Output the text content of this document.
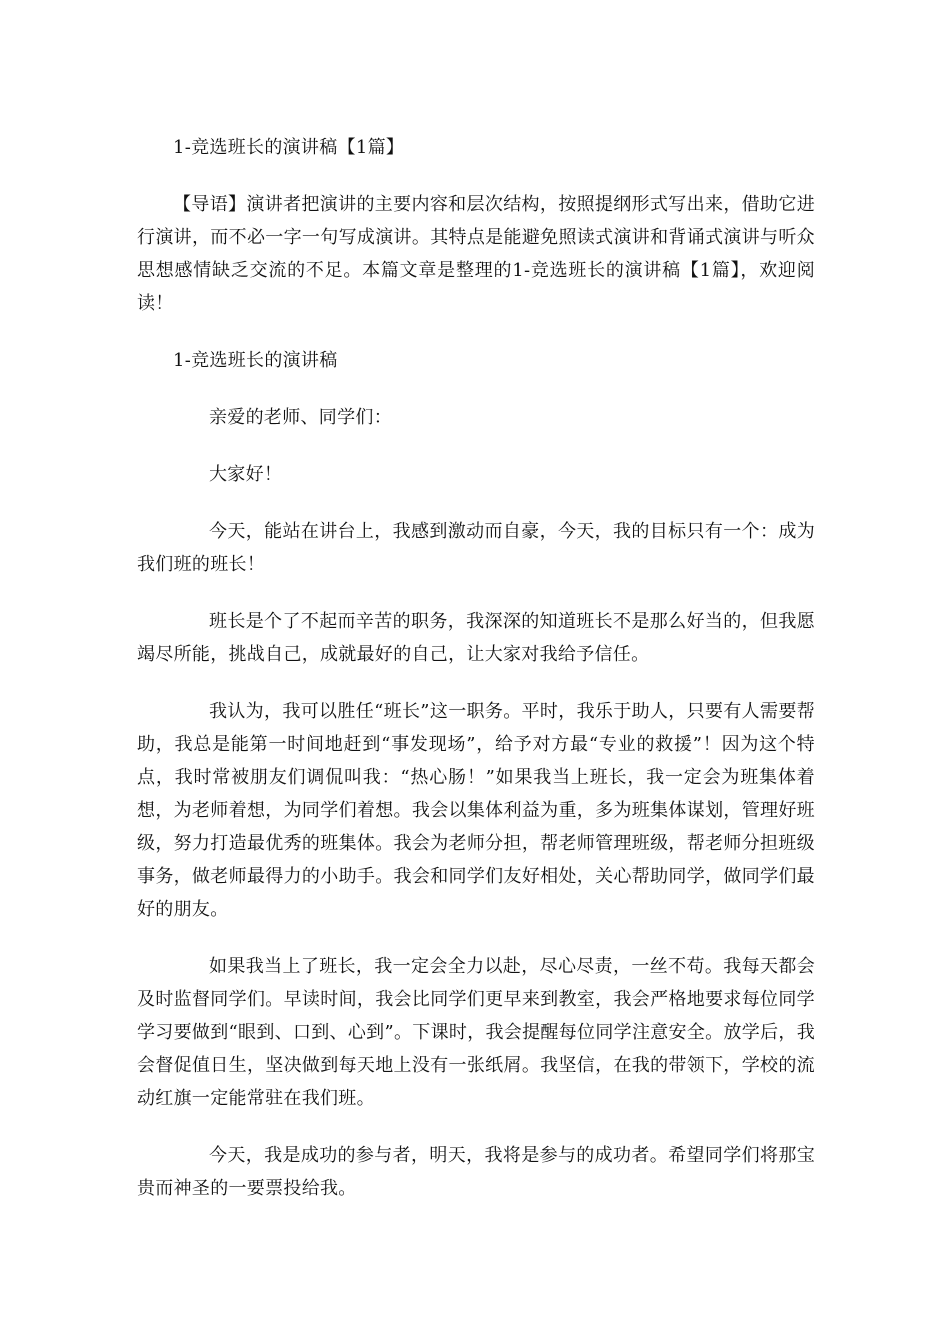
1-竞选班长的演讲稿【1篇】

【导语】演讲者把演讲的主要内容和层次结构，按照提纲形式写出来，借助它进行演讲，而不必一字一句写成演讲。其特点是能避免照读式演讲和背诵式演讲与听众思想感情缺乏交流的不足。本篇文章是整理的1-竞选班长的演讲稿【1篇】，欢迎阅读！

1-竞选班长的演讲稿

亲爱的老师、同学们：

大家好！

今天，能站在讲台上，我感到激动而自豪，今天，我的目标只有一个：成为我们班的班长！

班长是个了不起而辛苦的职务，我深深的知道班长不是那么好当的，但我愿竭尽所能，挑战自己，成就最好的自己，让大家对我给予信任。

我认为，我可以胜任“班长”这一职务。平时，我乐于助人，只要有人需要帮助，我总是能第一时间地赶到“事发现场”，给予对方最“专业的救援”！因为这个特点，我时常被朋友们调侃叫我：“热心肠！”如果我当上班长，我一定会为班集体着想，为老师着想，为同学们着想。我会以集体利益为重，多为班集体谋划，管理好班级，努力打造最优秀的班集体。我会为老师分担，帮老师管理班级，帮老师分担班级事务，做老师最得力的小助手。我会和同学们友好相处，关心帮助同学，做同学们最好的朋友。

如果我当上了班长，我一定会全力以赴，尽心尽责，一丝不苟。我每天都会及时监督同学们。早读时间，我会比同学们更早来到教室，我会严格地要求每位同学学习要做到“眼到、口到、心到”。下课时，我会提醒每位同学注意安全。放学后，我会督促值日生，坚决做到每天地上没有一张纸屑。我坚信，在我的带领下，学校的流动红旗一定能常驻在我们班。

今天，我是成功的参与者，明天，我将是参与的成功者。希望同学们将那宝贵而神圣的一要票投给我。
